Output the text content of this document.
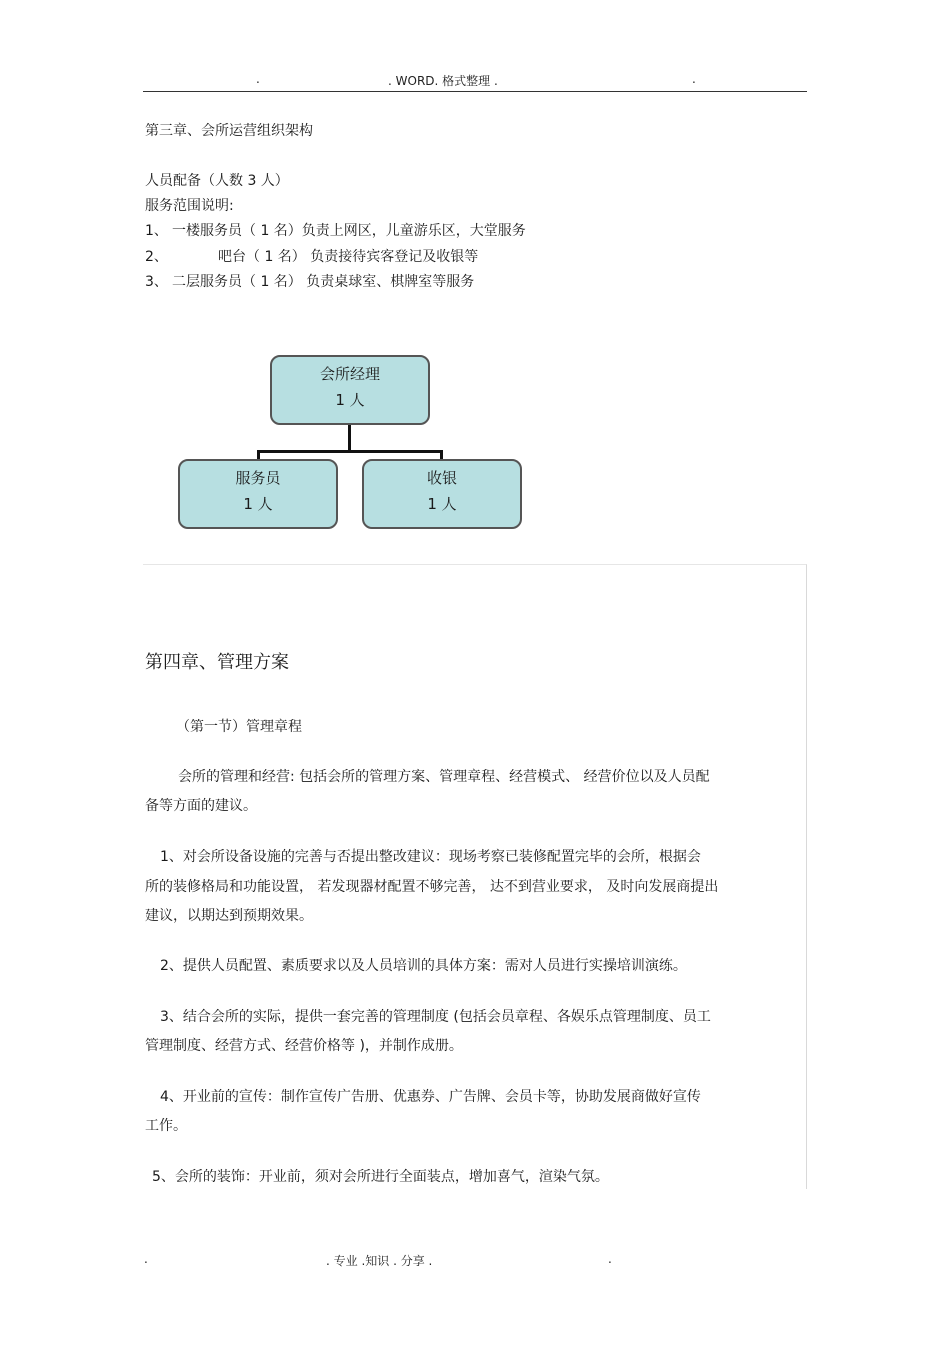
.	. WORD. 格式整理 .	.
第三章、会所运营组织架构
人员配备（人数 3 人）
服务范围说明:
1、 一楼服务员（ 1 名）负责上网区，儿童游乐区，大堂服务
2、	吧台（ 1 名） 负责接待宾客登记及收银等
3、 二层服务员（ 1 名） 负责桌球室、棋牌室等服务
会所经理
1 人
服务员
1 人
收银
1 人
第四章、管理方案
（第一节）管理章程
会所的管理和经营: 包括会所的管理方案、管理章程、经营模式、 经营价位以及人员配
备等方面的建议。
1、对会所设备设施的完善与否提出整改建议：现场考察已装修配置完毕的会所，根据会
所的装修格局和功能设置， 若发现器材配置不够完善， 达不到营业要求， 及时向发展商提出
建议，以期达到预期效果。
2、提供人员配置、素质要求以及人员培训的具体方案：需对人员进行实操培训演练。
3、结合会所的实际，提供一套完善的管理制度 (包括会员章程、各娱乐点管理制度、员工
管理制度、经营方式、经营价格等 )，并制作成册。
4、开业前的宣传：制作宣传广告册、优惠券、广告牌、会员卡等，协助发展商做好宣传
工作。
5、会所的装饰：开业前，须对会所进行全面装点，增加喜气，渲染气氛。
.	. 专业 .知识 . 分享 .	.
